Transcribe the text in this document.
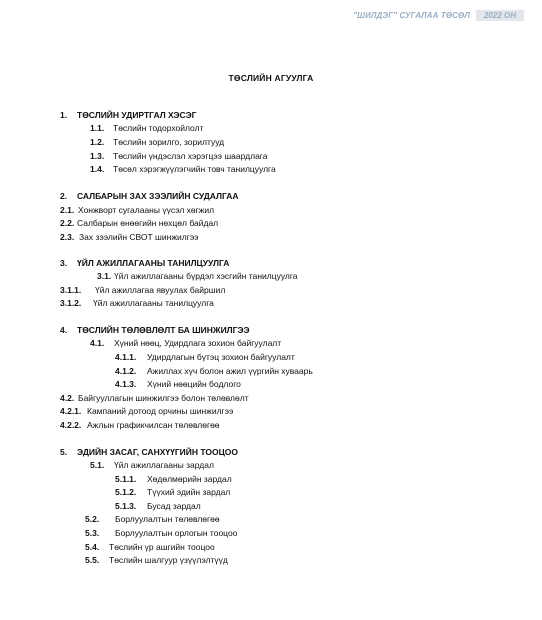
"ШИЛДЭГ" СУГАЛАА ТӨСӨЛ	2022 ОН
ТӨСЛИЙН АГУУЛГА
1. ТӨСЛИЙН УДИРТГАЛ ХЭСЭГ
1.1. Төслийн тодорхойлолт
1.2. Төслийн зорилго, зорилтууд
1.3. Төслийн үндэслэл хэрэгцээ шаардлага
1.4. Төсөл хэрэгжүүлэгчийн товч танилцуулга
2. САЛБАРЫН ЗАХ ЗЭЭЛИЙН СУДАЛГАА
2.1. Хонжворт сугалааны үүсэл хөгжил
2.2. Салбарын өнөөгийн нөхцөл байдал
2.3. Зах зээлийн СВОТ шинжилгээ
3. ҮЙЛ АЖИЛЛАГААНЫ ТАНИЛЦУУЛГА
3.1. Үйл ажиллагааны бүрдэл хэсгийн танилцуулга
3.1.1. Үйл ажиллагаа явуулах байршил
3.1.2. Үйл ажиллагааны танилцуулга
4. ТӨСЛИЙН ТӨЛӨВЛӨЛТ БА ШИНЖИЛГЭЭ
4.1. Хүний нөөц, Удирдлага зохион байгуулалт
4.1.1. Удирдлагын бүтэц зохион байгуулалт
4.1.2. Ажиллах хүч болон ажил үүргийн хуваарь
4.1.3. Хүний нөөцийн бодлого
4.2. Байгууллагын шинжилгээ болон төлөвлөлт
4.2.1. Кампаний дотоод орчины шинжилгээ
4.2.2. Ажлын графикчилсан төлөвлөгөө
5. ЭДИЙН ЗАСАГ, САНХҮҮГИЙН ТООЦОО
5.1. Үйл ажиллагааны зардал
5.1.1. Хөдөлмөрийн зардал
5.1.2. Түүхий эдийн зардал
5.1.3. Бусад зардал
5.2. Борлуулалтын төлөвлөгөө
5.3. Борлуулалтын орлогын тооцоо
5.4. Төслийн үр ашгийн тооцоо
5.5. Төслийн шалгуур үзүүлэлтүүд
